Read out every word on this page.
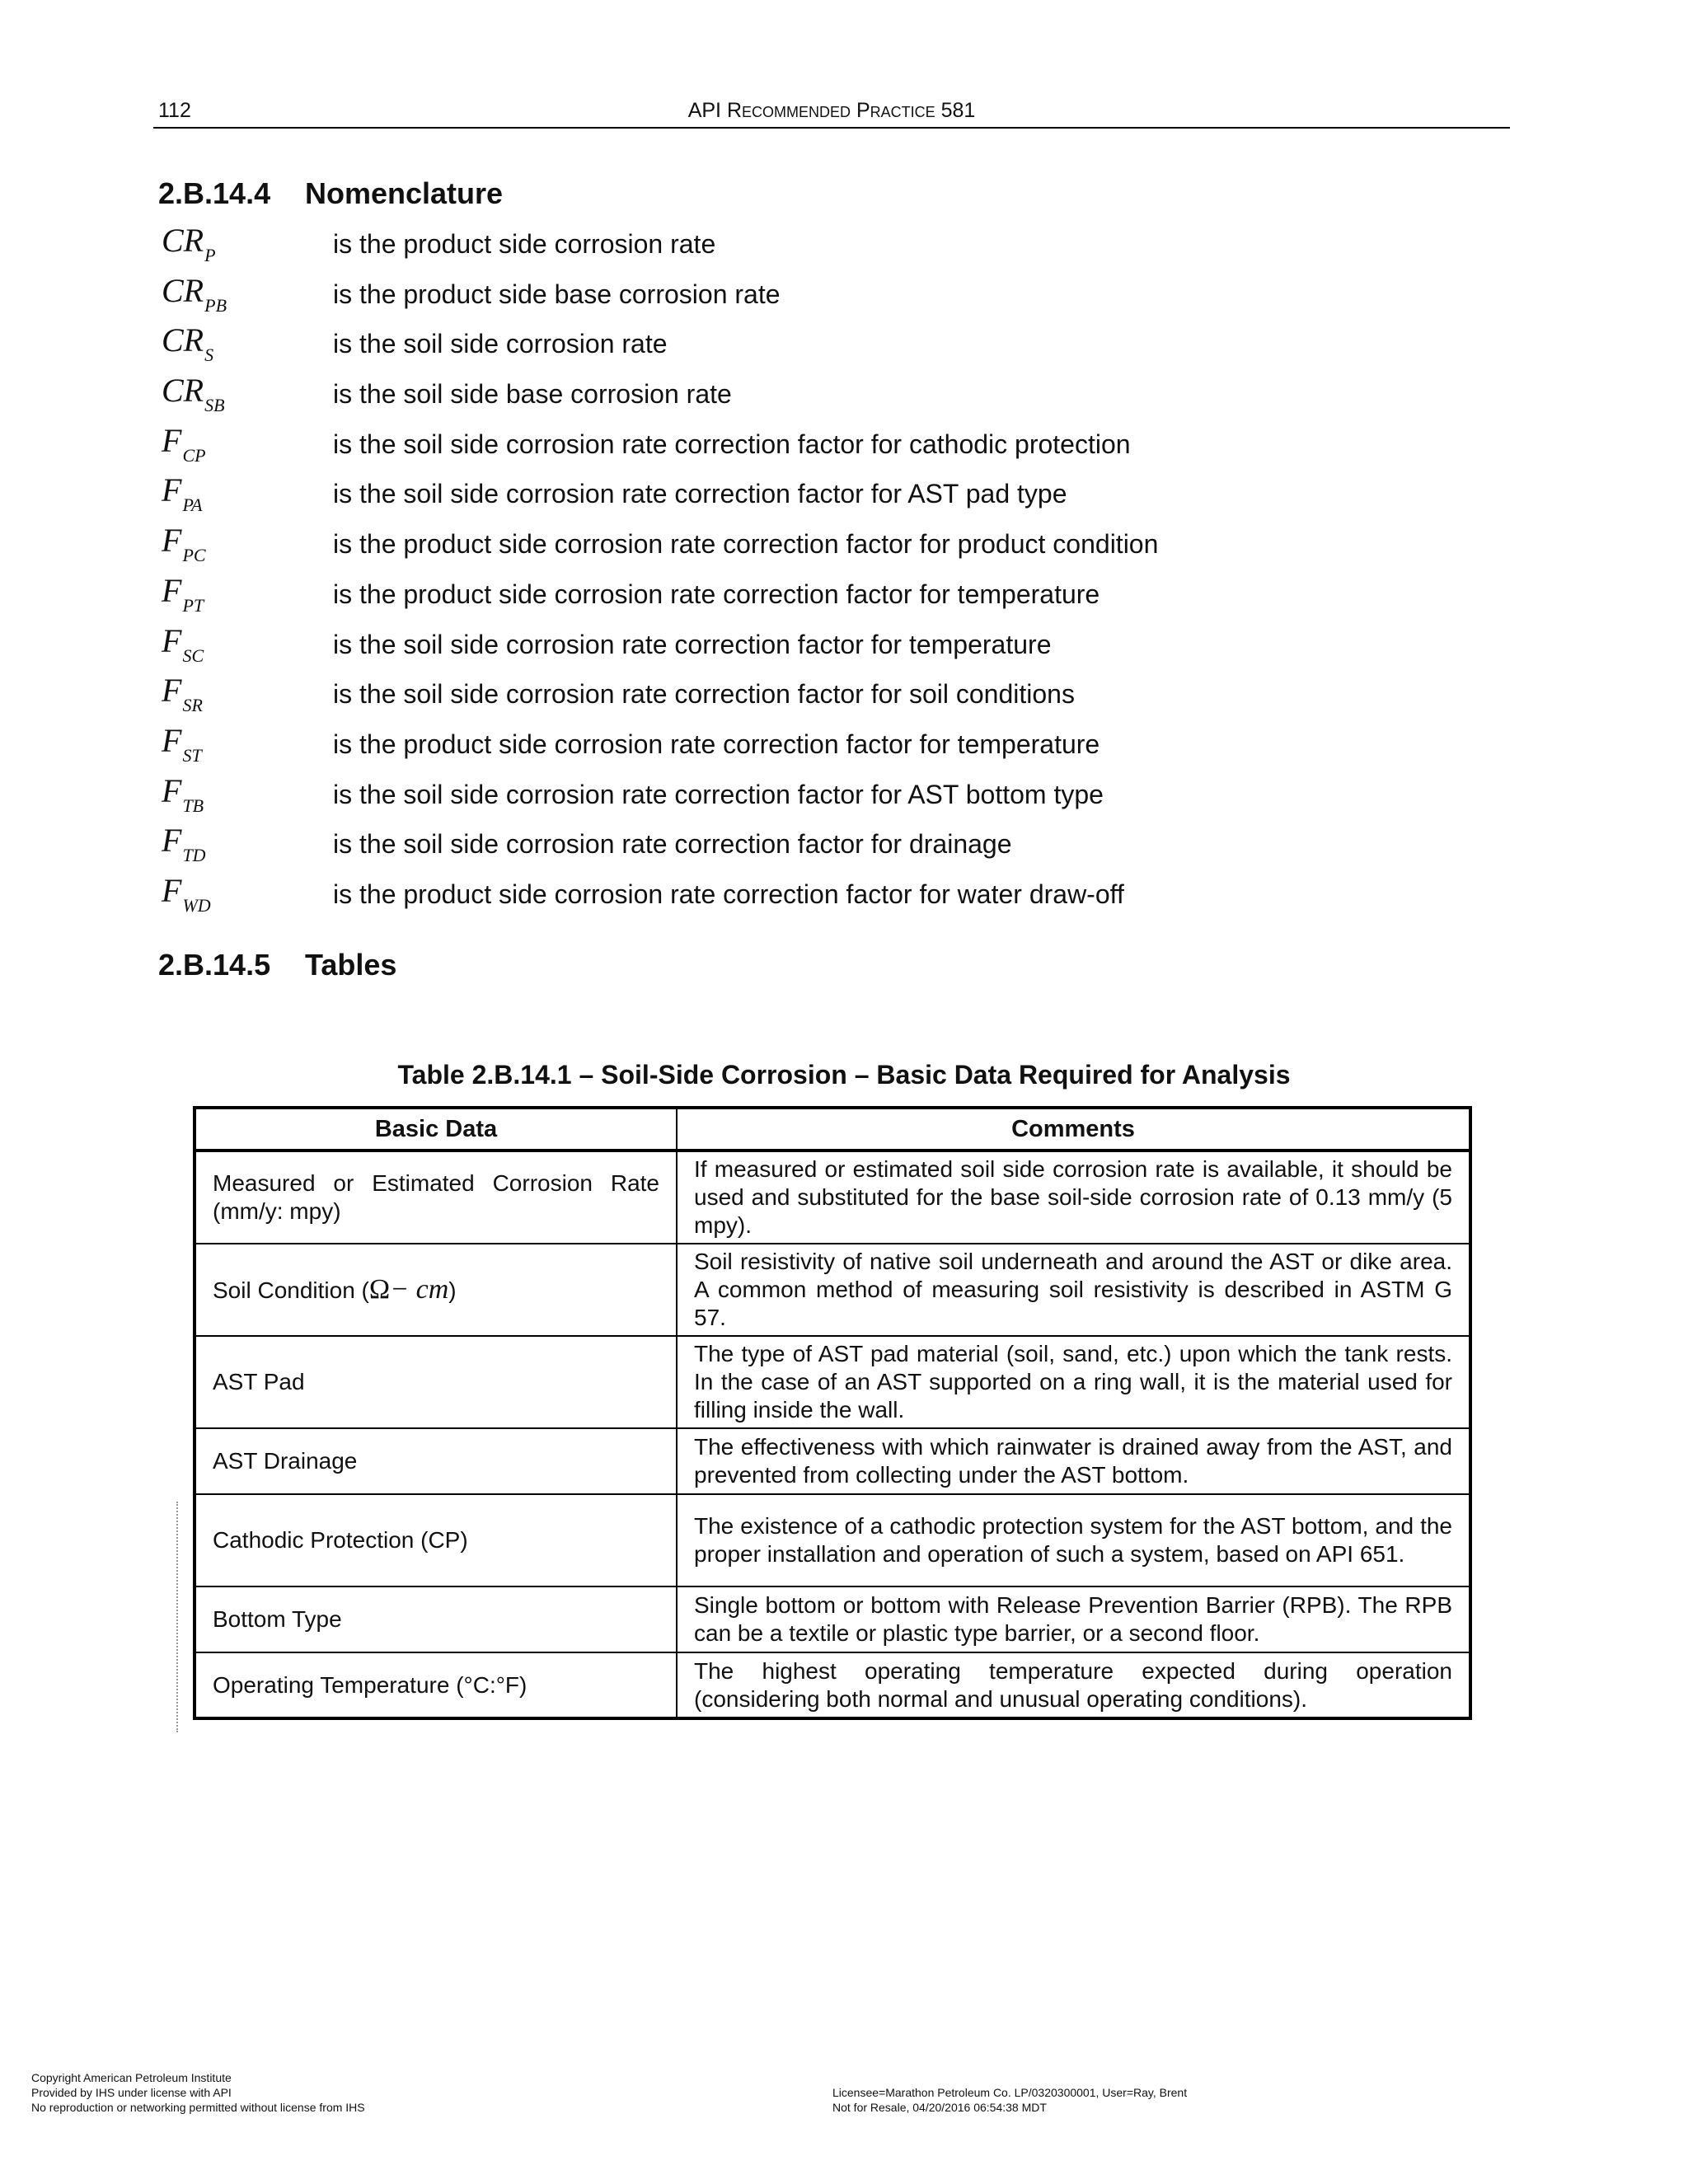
112	API Recommended Practice 581
2.B.14.4 Nomenclature
$CR_P$	is the product side corrosion rate
$CR_{PB}$	is the product side base corrosion rate
$CR_S$	is the soil side corrosion rate
$CR_{SB}$	is the soil side base corrosion rate
$F_{CP}$	is the soil side corrosion rate correction factor for cathodic protection
$F_{PA}$	is the soil side corrosion rate correction factor for AST pad type
$F_{PC}$	is the product side corrosion rate correction factor for product condition
$F_{PT}$	is the product side corrosion rate correction factor for temperature
$F_{SC}$	is the soil side corrosion rate correction factor for temperature
$F_{SR}$	is the soil side corrosion rate correction factor for soil conditions
$F_{ST}$	is the product side corrosion rate correction factor for temperature
$F_{TB}$	is the soil side corrosion rate correction factor for AST bottom type
$F_{TD}$	is the soil side corrosion rate correction factor for drainage
$F_{WD}$	is the product side corrosion rate correction factor for water draw-off
2.B.14.5 Tables
Table 2.B.14.1 – Soil-Side Corrosion – Basic Data Required for Analysis
Basic Data	Comments
Measured or Estimated Corrosion Rate (mm/y: mpy)	If measured or estimated soil side corrosion rate is available, it should be used and substituted for the base soil-side corrosion rate of 0.13 mm/y (5 mpy).
Soil Condition (Ω− cm)	Soil resistivity of native soil underneath and around the AST or dike area. A common method of measuring soil resistivity is described in ASTM G 57.
AST Pad	The type of AST pad material (soil, sand, etc.) upon which the tank rests. In the case of an AST supported on a ring wall, it is the material used for filling inside the wall.
AST Drainage	The effectiveness with which rainwater is drained away from the AST, and prevented from collecting under the AST bottom.
Cathodic Protection (CP)	The existence of a cathodic protection system for the AST bottom, and the proper installation and operation of such a system, based on API 651.
Bottom Type	Single bottom or bottom with Release Prevention Barrier (RPB). The RPB can be a textile or plastic type barrier, or a second floor.
Operating Temperature (°C:°F)	The highest operating temperature expected during operation (considering both normal and unusual operating conditions).
Copyright American Petroleum Institute
Provided by IHS under license with API
No reproduction or networking permitted without license from IHS

Licensee=Marathon Petroleum Co. LP/0320300001, User=Ray, Brent
Not for Resale, 04/20/2016 06:54:38 MDT
